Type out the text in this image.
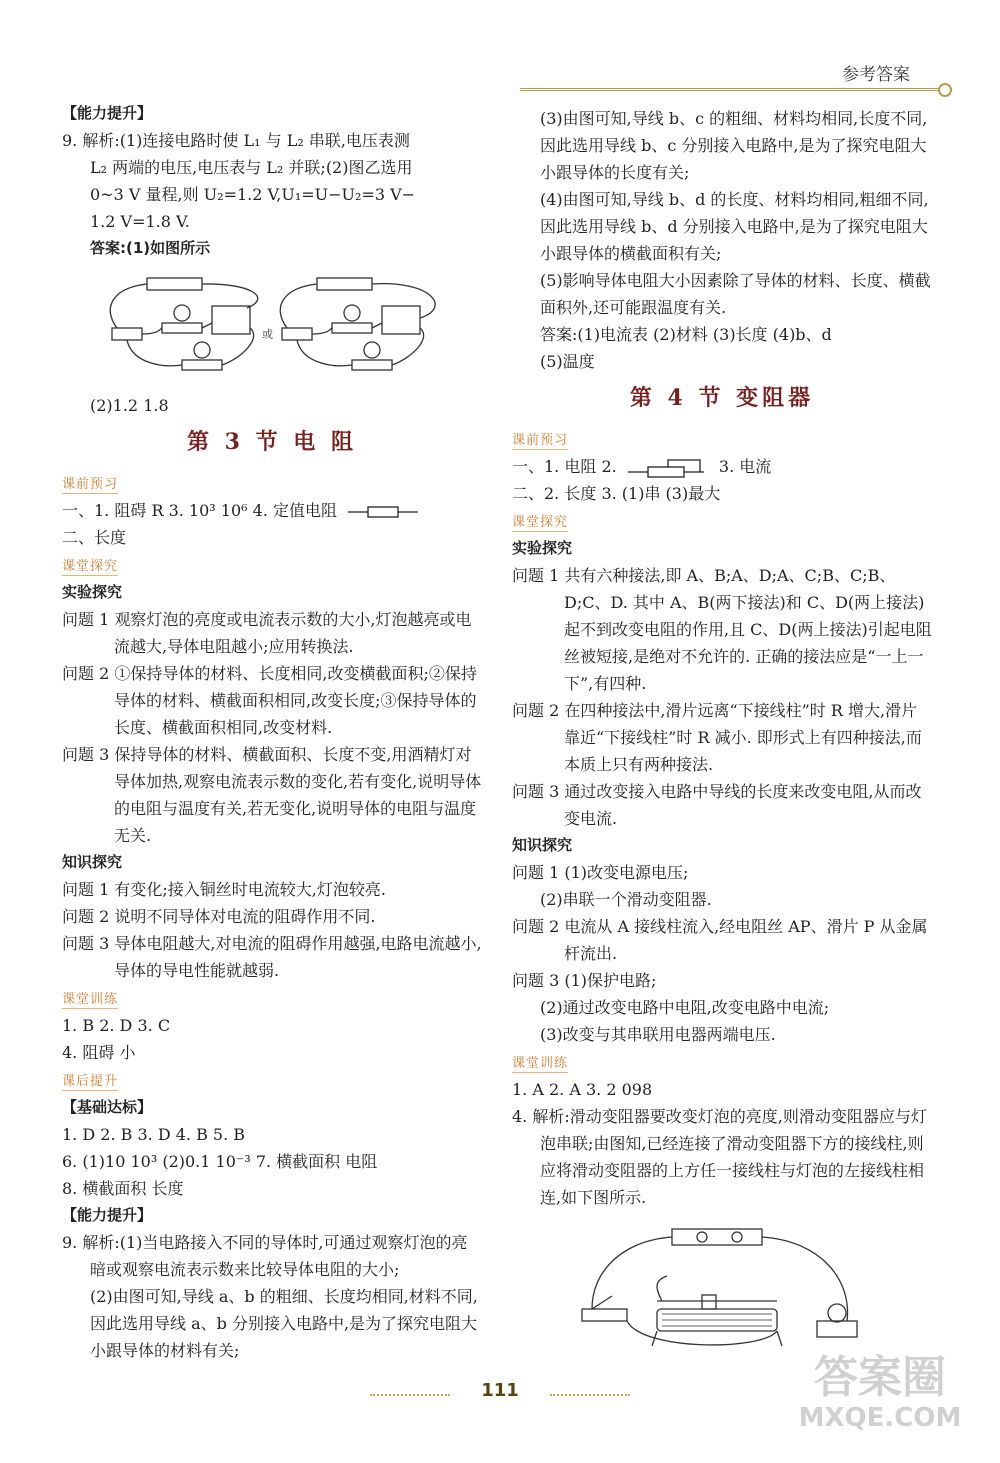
参考答案
【能力提升】
9. 解析:(1)连接电路时使 L₁ 与 L₂ 串联,电压表测
L₂ 两端的电压,电压表与 L₂ 并联;(2)图乙选用
0~3 V 量程,则 U₂=1.2 V,U₁=U−U₂=3 V−
1.2 V=1.8 V.
答案:(1)如图所示
或
(2)1.2 1.8
第 3 节 电 阻
课前预习
一、1. 阻碍 R 3. 10³ 10⁶ 4. 定值电阻
二、长度
课堂探究
实验探究
问题 1 观察灯泡的亮度或电流表示数的大小,灯泡越亮或电流越大,导体电阻越小;应用转换法.
问题 2 ①保持导体的材料、长度相同,改变横截面积;②保持导体的材料、横截面积相同,改变长度;③保持导体的长度、横截面积相同,改变材料.
问题 3 保持导体的材料、横截面积、长度不变,用酒精灯对导体加热,观察电流表示数的变化,若有变化,说明导体的电阻与温度有关,若无变化,说明导体的电阻与温度无关.
知识探究
问题 1 有变化;接入铜丝时电流较大,灯泡较亮.
问题 2 说明不同导体对电流的阻碍作用不同.
问题 3 导体电阻越大,对电流的阻碍作用越强,电路电流越小,导体的导电性能就越弱.
课堂训练
1. B 2. D 3. C
4. 阻碍 小
课后提升
【基础达标】
1. D 2. B 3. D 4. B 5. B
6. (1)10 10³ (2)0.1 10⁻³ 7. 横截面积 电阻
8. 横截面积 长度
【能力提升】
9. 解析:(1)当电路接入不同的导体时,可通过观察灯泡的亮暗或观察电流表示数来比较导体电阻的大小;
(2)由图可知,导线 a、b 的粗细、长度均相同,材料不同,因此选用导线 a、b 分别接入电路中,是为了探究电阻大小跟导体的材料有关;
(3)由图可知,导线 b、c 的粗细、材料均相同,长度不同,因此选用导线 b、c 分别接入电路中,是为了探究电阻大小跟导体的长度有关;
(4)由图可知,导线 b、d 的长度、材料均相同,粗细不同,因此选用导线 b、d 分别接入电路中,是为了探究电阻大小跟导体的横截面积有关;
(5)影响导体电阻大小因素除了导体的材料、长度、横截面积外,还可能跟温度有关.
答案:(1)电流表 (2)材料 (3)长度 (4)b、d
(5)温度
第 4 节 变阻器
课前预习
一、1. 电阻 2.	3. 电流
二、2. 长度 3. (1)串 (3)最大
课堂探究
实验探究
问题 1 共有六种接法,即 A、B;A、D;A、C;B、C;B、D;C、D. 其中 A、B(两下接法)和 C、D(两上接法)起不到改变电阻的作用,且 C、D(两上接法)引起电阻丝被短接,是绝对不允许的. 正确的接法应是“一上一下”,有四种.
问题 2 在四种接法中,滑片远离“下接线柱”时 R 增大,滑片靠近“下接线柱”时 R 减小. 即形式上有四种接法,而本质上只有两种接法.
问题 3 通过改变接入电路中导线的长度来改变电阻,从而改变电流.
知识探究
问题 1 (1)改变电源电压;
(2)串联一个滑动变阻器.
问题 2 电流从 A 接线柱流入,经电阻丝 AP、滑片 P 从金属杆流出.
问题 3 (1)保护电路;
(2)通过改变电路中电阻,改变电路中电流;
(3)改变与其串联用电器两端电压.
课堂训练
1. A 2. A 3. 2 098
4. 解析:滑动变阻器要改变灯泡的亮度,则滑动变阻器应与灯泡串联;由图知,已经连接了滑动变阻器下方的接线柱,则应将滑动变阻器的上方任一接线柱与灯泡的左接线柱相连,如下图所示.
111	答案圈
MXQE.COM
